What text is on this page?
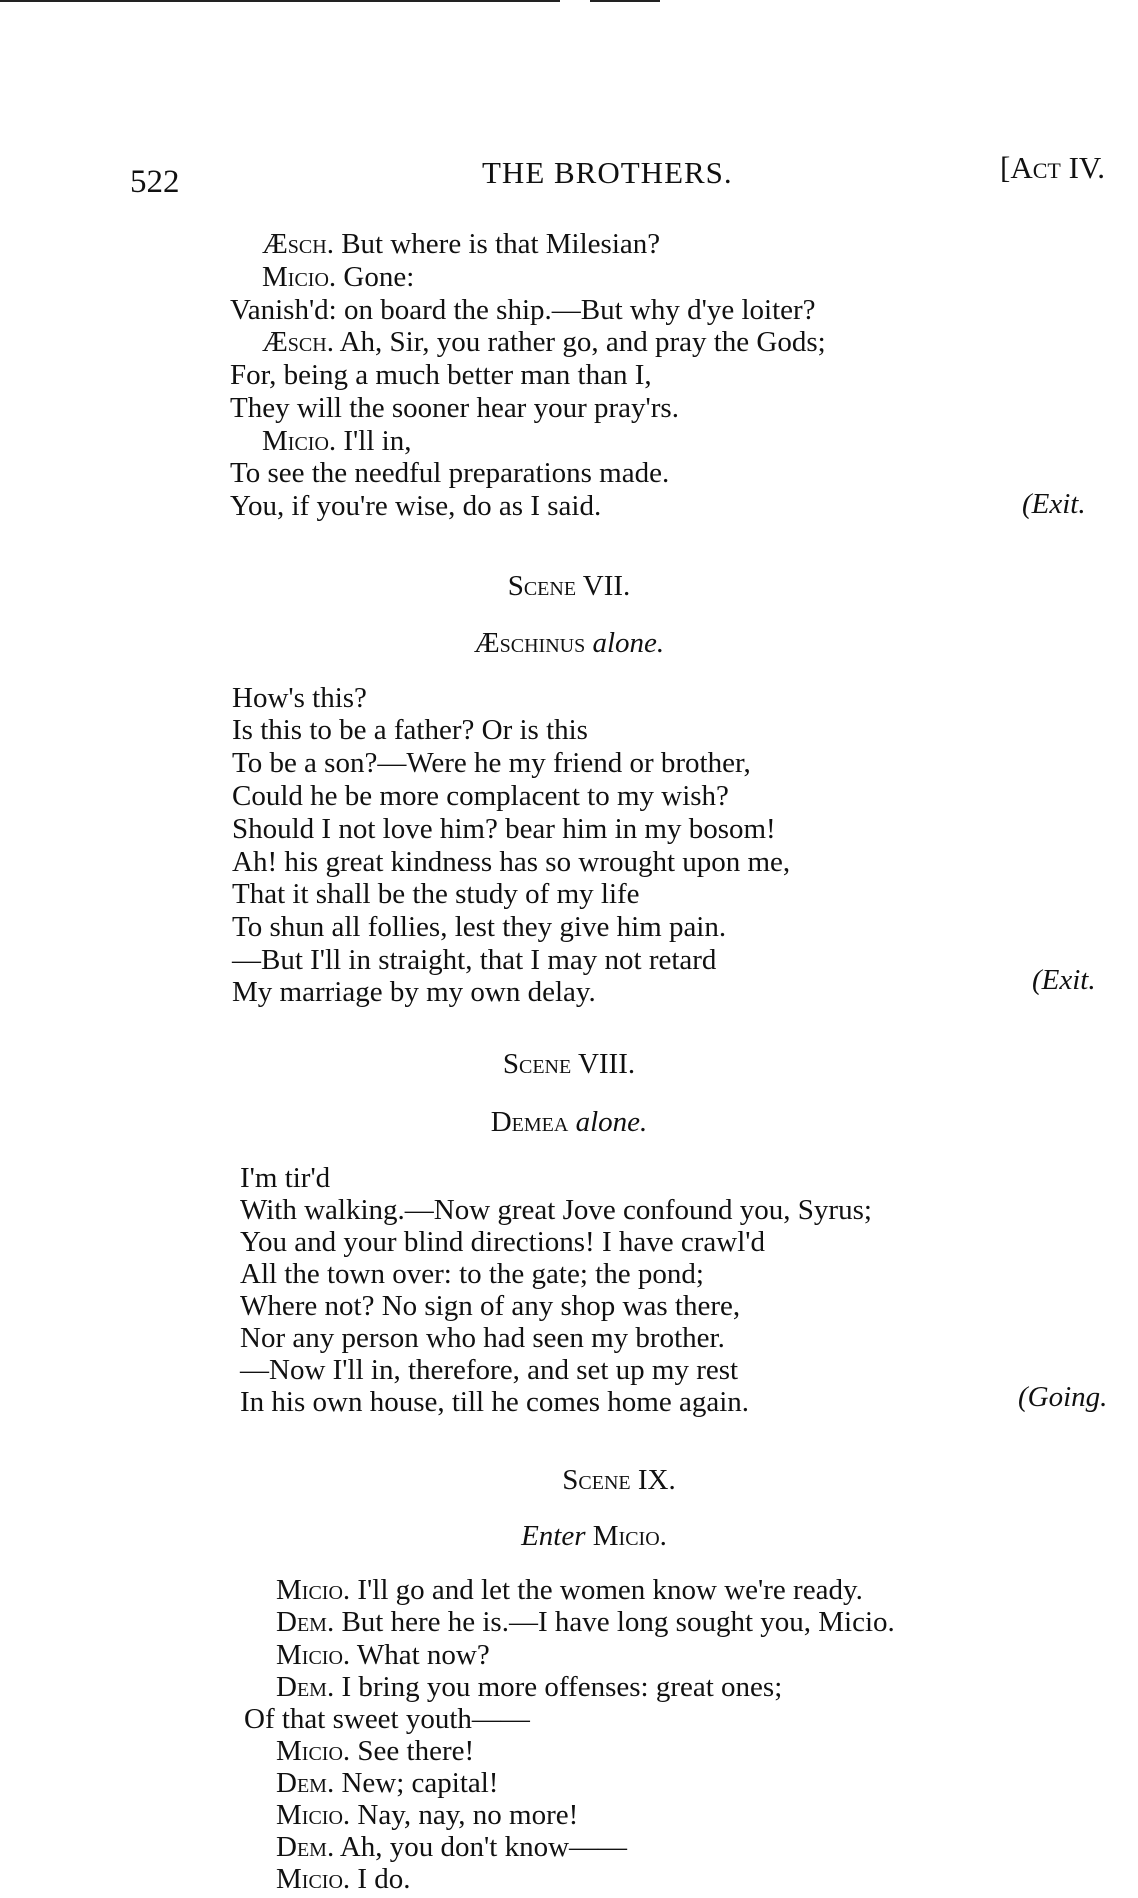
522	THE BROTHERS.	[Act IV.
Æsch. But where is that Milesian?
Micio. Gone:
Vanish'd: on board the ship.—But why d'ye loiter?
Æsch. Ah, Sir, you rather go, and pray the Gods;
For, being a much better man than I,
They will the sooner hear your pray'rs.
Micio. I'll in,
To see the needful preparations made.
You, if you're wise, do as I said.	(Exit.
Scene VII.
Æschinus alone.
How's this?
Is this to be a father? Or is this
To be a son?—Were he my friend or brother,
Could he be more complacent to my wish?
Should I not love him? bear him in my bosom!
Ah! his great kindness has so wrought upon me,
That it shall be the study of my life
To shun all follies, lest they give him pain.
—But I'll in straight, that I may not retard
My marriage by my own delay.	(Exit.
Scene VIII.
Demea alone.
I'm tir'd
With walking.—Now great Jove confound you, Syrus;
You and your blind directions! I have crawl'd
All the town over: to the gate; the pond;
Where not? No sign of any shop was there,
Nor any person who had seen my brother.
—Now I'll in, therefore, and set up my rest
In his own house, till he comes home again.	(Going.
Scene IX.
Enter Micio.
Micio. I'll go and let the women know we're ready.
Dem. But here he is.—I have long sought you, Micio.
Micio. What now?
Dem. I bring you more offenses: great ones;
Of that sweet youth——
Micio. See there!
Dem. New; capital!
Micio. Nay, nay, no more!
Dem. Ah, you don't know——
Micio. I do.
